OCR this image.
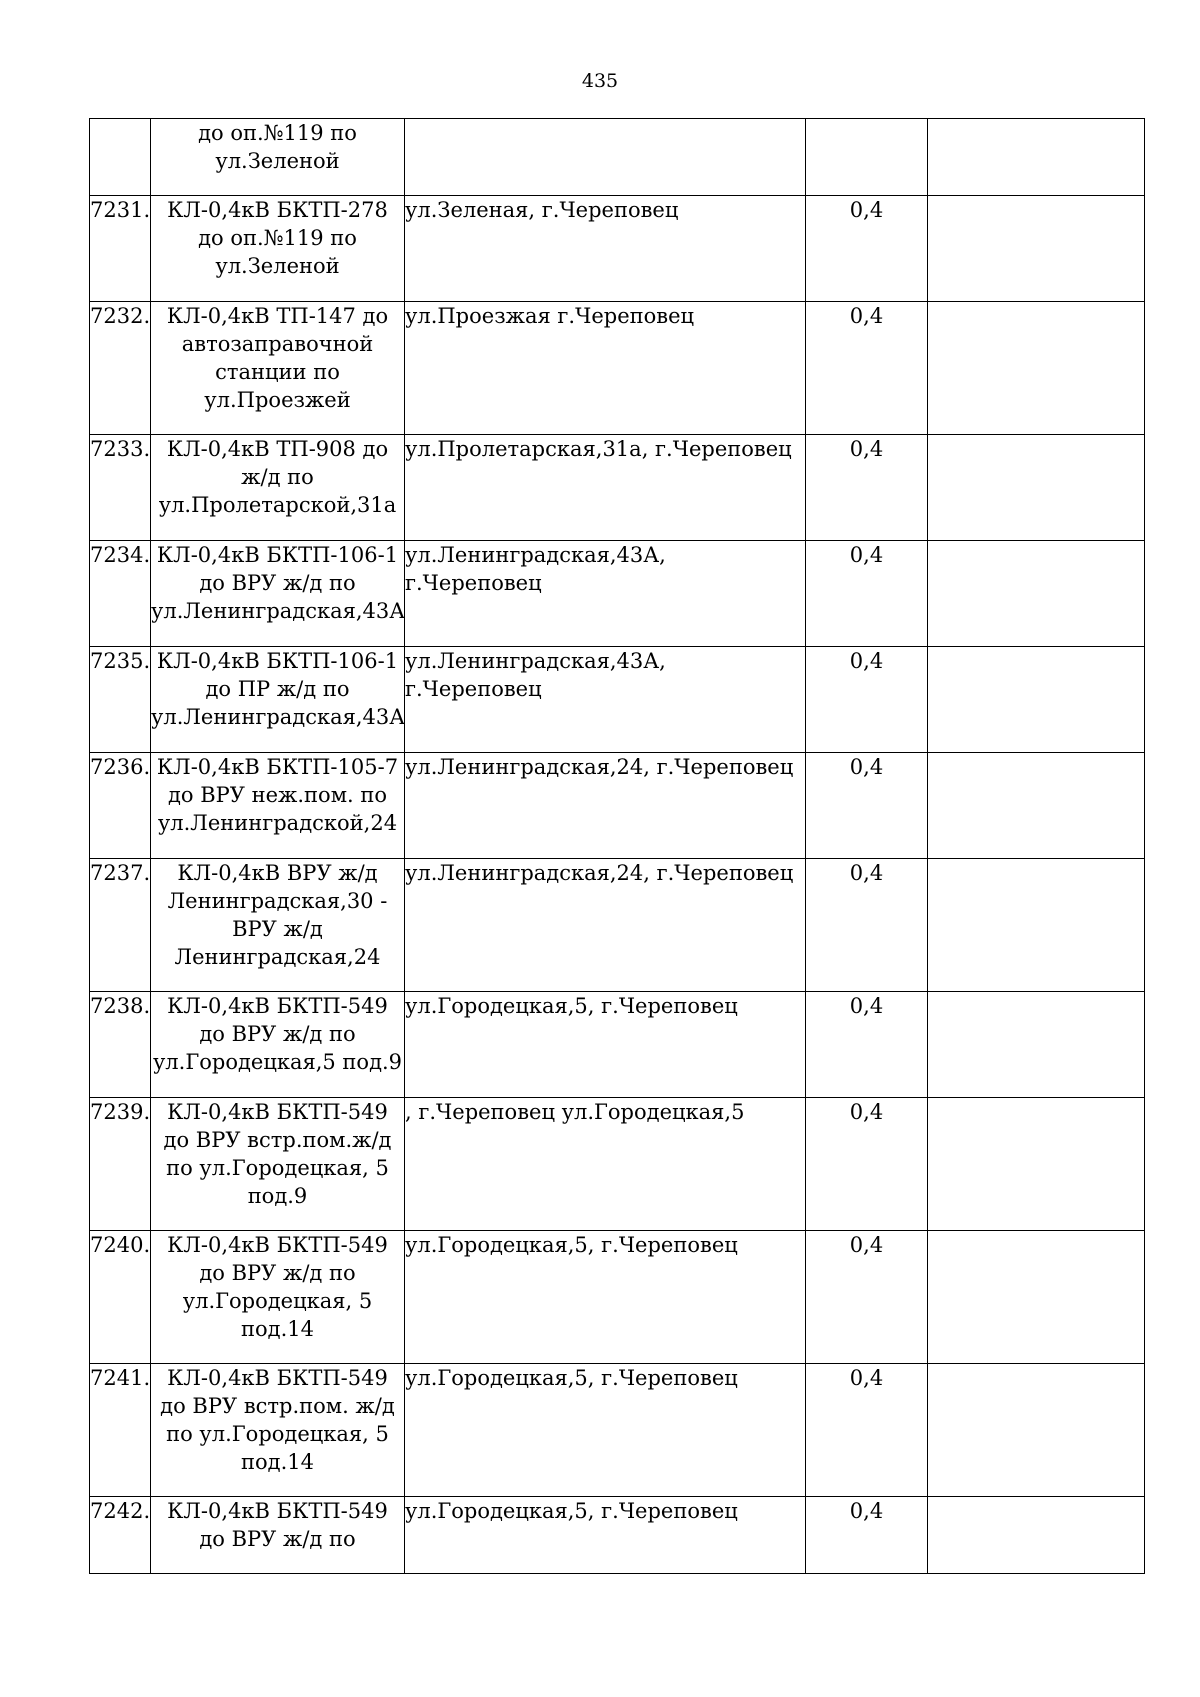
435
	до оп.№119 по
ул.Зеленой			
7231.	КЛ-0,4кВ БКТП-278
до оп.№119 по
ул.Зеленой	ул.Зеленая, г.Череповец	0,4	
7232.	КЛ-0,4кВ ТП-147 до
автозаправочной
станции по
ул.Проезжей	ул.Проезжая г.Череповец	0,4	
7233.	КЛ-0,4кВ ТП-908 до
ж/д по
ул.Пролетарской,31а	ул.Пролетарская,31а, г.Череповец	0,4	
7234.	КЛ-0,4кВ БКТП-106-1
до ВРУ ж/д по
ул.Ленинградская,43А	ул.Ленинградская,43А, г.Череповец	0,4	
7235.	КЛ-0,4кВ БКТП-106-1
до ПР ж/д по
ул.Ленинградская,43А	ул.Ленинградская,43А, г.Череповец	0,4	
7236.	КЛ-0,4кВ БКТП-105-7
до ВРУ неж.пом. по
ул.Ленинградской,24	ул.Ленинградская,24, г.Череповец	0,4	
7237.	КЛ-0,4кВ ВРУ ж/д
Ленинградская,30 -
ВРУ ж/д
Ленинградская,24	ул.Ленинградская,24, г.Череповец	0,4	
7238.	КЛ-0,4кВ БКТП-549
до ВРУ ж/д по
ул.Городецкая,5 под.9	ул.Городецкая,5, г.Череповец	0,4	
7239.	КЛ-0,4кВ БКТП-549
до ВРУ встр.пом.ж/д
по ул.Городецкая, 5
под.9	, г.Череповец ул.Городецкая,5	0,4	
7240.	КЛ-0,4кВ БКТП-549
до ВРУ ж/д по
ул.Городецкая, 5
под.14	ул.Городецкая,5, г.Череповец	0,4	
7241.	КЛ-0,4кВ БКТП-549
до ВРУ встр.пом. ж/д
по ул.Городецкая, 5
под.14	ул.Городецкая,5, г.Череповец	0,4	
7242.	КЛ-0,4кВ БКТП-549
до ВРУ ж/д по	ул.Городецкая,5, г.Череповец	0,4	
